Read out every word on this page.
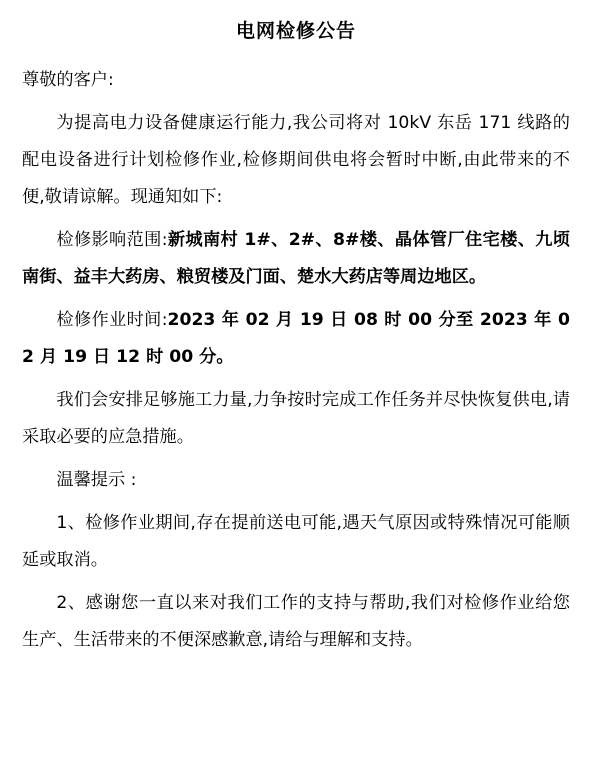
电网检修公告

尊敬的客户:

为提高电力设备健康运行能力,我公司将对 10kV 东岳 171 线路的配电设备进行计划检修作业,检修期间供电将会暂时中断,由此带来的不便,敬请谅解。现通知如下:

检修影响范围:新城南村 1#、2#、8#楼、晶体管厂住宅楼、九顷南街、益丰大药房、粮贸楼及门面、楚水大药店等周边地区。

检修作业时间:2023 年 02 月 19 日 08 时 00 分至 2023 年 02 月 19 日 12 时 00 分。

我们会安排足够施工力量,力争按时完成工作任务并尽快恢复供电,请采取必要的应急措施。

温馨提示 :

1、检修作业期间,存在提前送电可能,遇天气原因或特殊情况可能顺延或取消。

2、感谢您一直以来对我们工作的支持与帮助,我们对检修作业给您生产、生活带来的不便深感歉意,请给与理解和支持。
